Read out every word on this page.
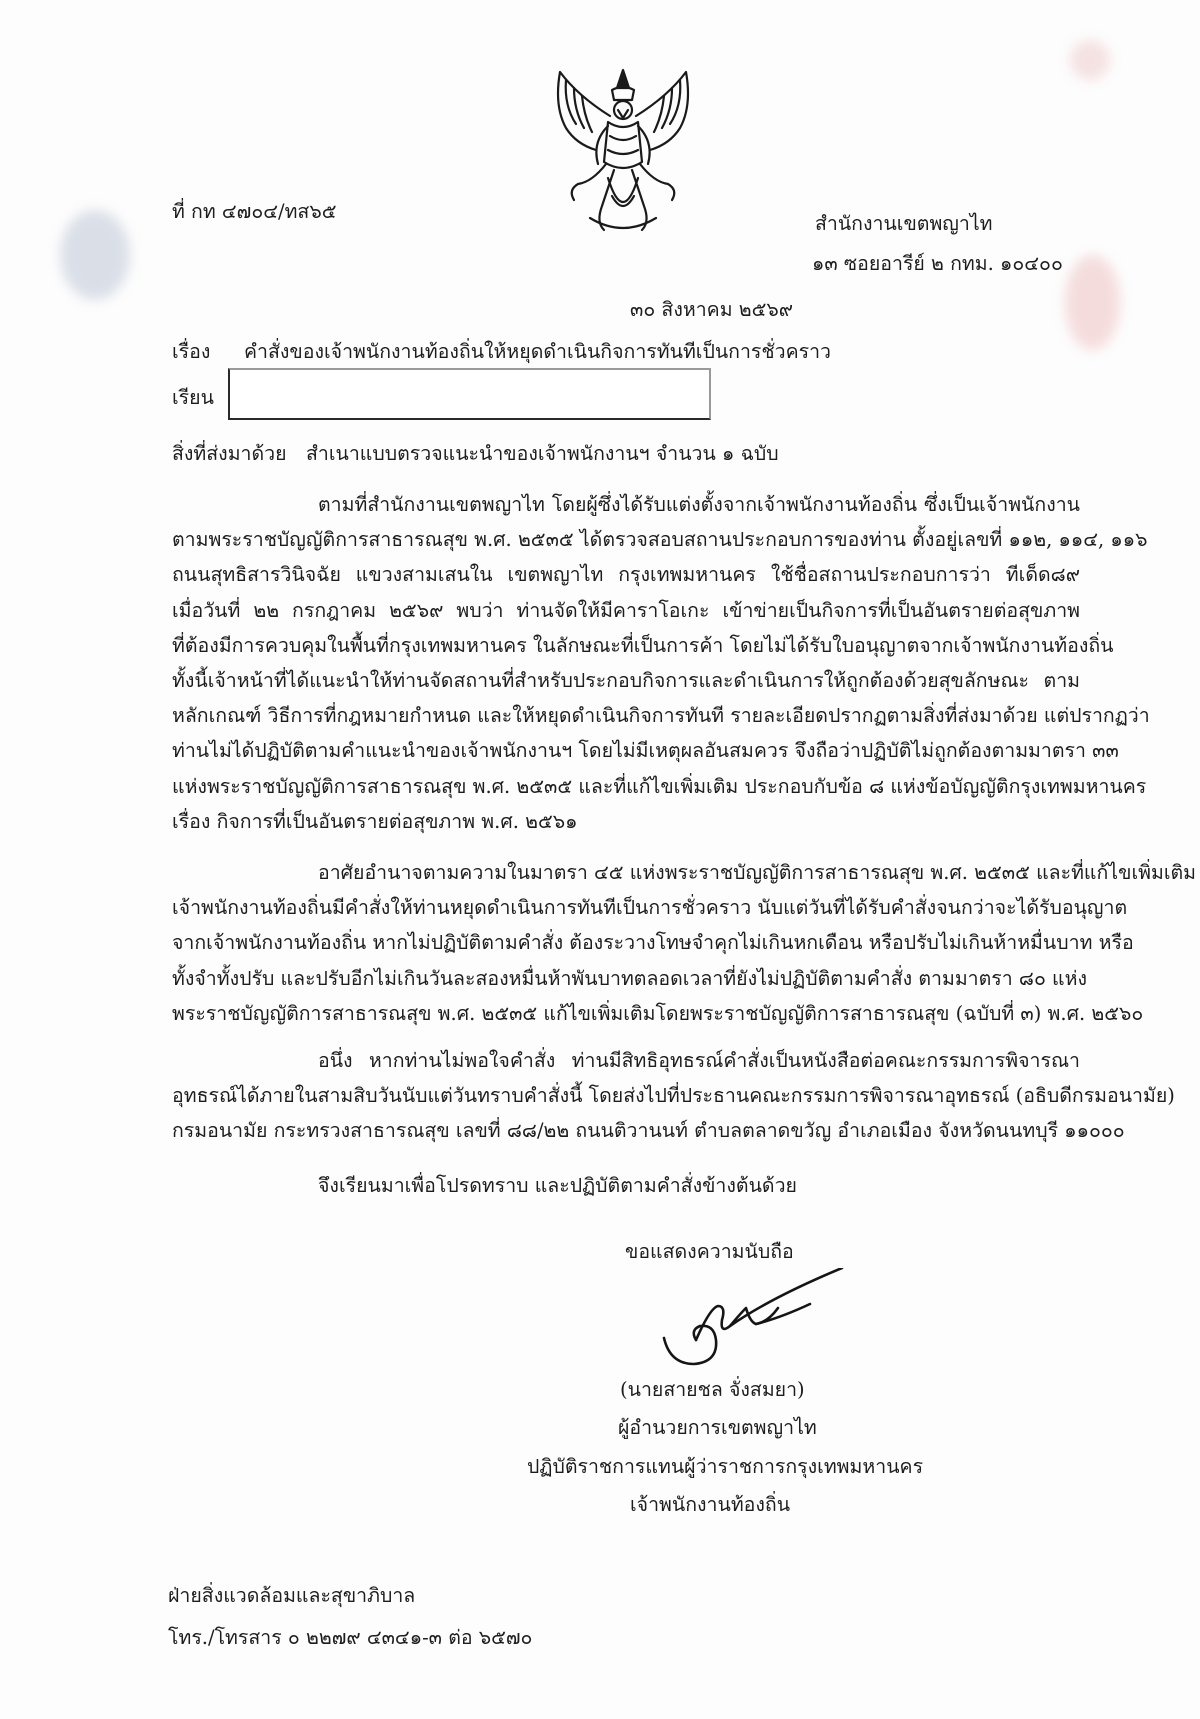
ที่ กท ๔๗๐๔/ทส๖๕
สำนักงานเขตพญาไท
๑๓ ซอยอารีย์ ๒ กทม. ๑๐๔๐๐
๓๐ สิงหาคม ๒๕๖๙
เรื่อง คำสั่งของเจ้าพนักงานท้องถิ่นให้หยุดดำเนินกิจการทันทีเป็นการชั่วคราว
เรียน
สิ่งที่ส่งมาด้วย สำเนาแบบตรวจแนะนำของเจ้าพนักงานฯ จำนวน ๑ ฉบับ
ตามที่สำนักงานเขตพญาไท โดยผู้ซึ่งได้รับแต่งตั้งจากเจ้าพนักงานท้องถิ่น ซึ่งเป็นเจ้าพนักงาน
ตามพระราชบัญญัติการสาธารณสุข พ.ศ. ๒๕๓๕ ได้ตรวจสอบสถานประกอบการของท่าน ตั้งอยู่เลขที่ ๑๑๒, ๑๑๔, ๑๑๖
ถนนสุทธิสารวินิจฉัย แขวงสามเสนใน เขตพญาไท กรุงเทพมหานคร ใช้ชื่อสถานประกอบการว่า ทีเด็ด๘๙
เมื่อวันที่ ๒๒ กรกฎาคม ๒๕๖๙ พบว่า ท่านจัดให้มีคาราโอเกะ เข้าข่ายเป็นกิจการที่เป็นอันตรายต่อสุขภาพ
ที่ต้องมีการควบคุมในพื้นที่กรุงเทพมหานคร ในลักษณะที่เป็นการค้า โดยไม่ได้รับใบอนุญาตจากเจ้าพนักงานท้องถิ่น
ทั้งนี้เจ้าหน้าที่ได้แนะนำให้ท่านจัดสถานที่สำหรับประกอบกิจการและดำเนินการให้ถูกต้องด้วยสุขลักษณะ ตาม
หลักเกณฑ์ วิธีการที่กฎหมายกำหนด และให้หยุดดำเนินกิจการทันที รายละเอียดปรากฏตามสิ่งที่ส่งมาด้วย แต่ปรากฏว่า
ท่านไม่ได้ปฏิบัติตามคำแนะนำของเจ้าพนักงานฯ โดยไม่มีเหตุผลอันสมควร จึงถือว่าปฏิบัติไม่ถูกต้องตามมาตรา ๓๓
แห่งพระราชบัญญัติการสาธารณสุข พ.ศ. ๒๕๓๕ และที่แก้ไขเพิ่มเติม ประกอบกับข้อ ๘ แห่งข้อบัญญัติกรุงเทพมหานคร
เรื่อง กิจการที่เป็นอันตรายต่อสุขภาพ พ.ศ. ๒๕๖๑
อาศัยอำนาจตามความในมาตรา ๔๕ แห่งพระราชบัญญัติการสาธารณสุข พ.ศ. ๒๕๓๕ และที่แก้ไขเพิ่มเติม
เจ้าพนักงานท้องถิ่นมีคำสั่งให้ท่านหยุดดำเนินการทันทีเป็นการชั่วคราว นับแต่วันที่ได้รับคำสั่งจนกว่าจะได้รับอนุญาต
จากเจ้าพนักงานท้องถิ่น หากไม่ปฏิบัติตามคำสั่ง ต้องระวางโทษจำคุกไม่เกินหกเดือน หรือปรับไม่เกินห้าหมื่นบาท หรือ
ทั้งจำทั้งปรับ และปรับอีกไม่เกินวันละสองหมื่นห้าพันบาทตลอดเวลาที่ยังไม่ปฏิบัติตามคำสั่ง ตามมาตรา ๘๐ แห่ง
พระราชบัญญัติการสาธารณสุข พ.ศ. ๒๕๓๕ แก้ไขเพิ่มเติมโดยพระราชบัญญัติการสาธารณสุข (ฉบับที่ ๓) พ.ศ. ๒๕๖๐
อนึ่ง หากท่านไม่พอใจคำสั่ง ท่านมีสิทธิอุทธรณ์คำสั่งเป็นหนังสือต่อคณะกรรมการพิจารณา
อุทธรณ์ได้ภายในสามสิบวันนับแต่วันทราบคำสั่งนี้ โดยส่งไปที่ประธานคณะกรรมการพิจารณาอุทธรณ์ (อธิบดีกรมอนามัย)
กรมอนามัย กระทรวงสาธารณสุข เลขที่ ๘๘/๒๒ ถนนติวานนท์ ตำบลตลาดขวัญ อำเภอเมือง จังหวัดนนทบุรี ๑๑๐๐๐
จึงเรียนมาเพื่อโปรดทราบ และปฏิบัติตามคำสั่งข้างต้นด้วย
ขอแสดงความนับถือ
(นายสายชล จั่งสมยา)
ผู้อำนวยการเขตพญาไท
ปฏิบัติราชการแทนผู้ว่าราชการกรุงเทพมหานคร
เจ้าพนักงานท้องถิ่น
ฝ่ายสิ่งแวดล้อมและสุขาภิบาล
โทร./โทรสาร ๐ ๒๒๗๙ ๔๓๔๑-๓ ต่อ ๖๕๗๐
